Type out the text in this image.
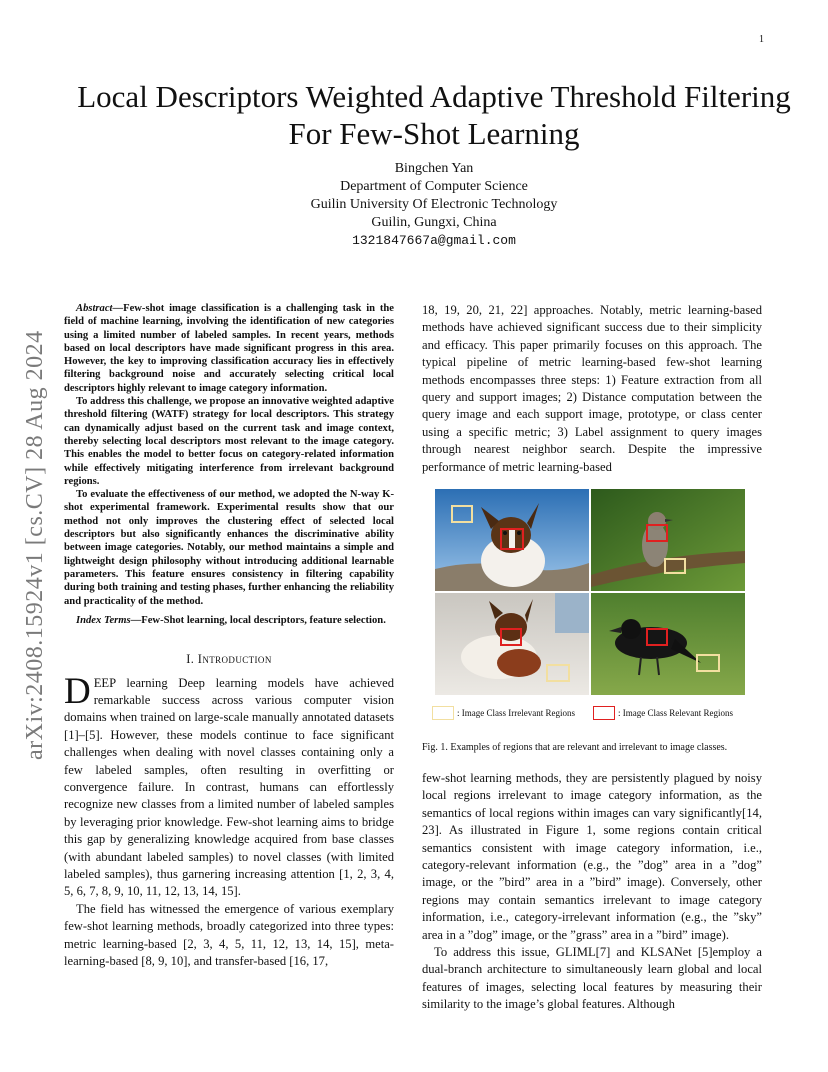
1
arXiv:2408.15924v1 [cs.CV] 28 Aug 2024
Local Descriptors Weighted Adaptive Threshold Filtering For Few-Shot Learning
Bingchen Yan
Department of Computer Science
Guilin University Of Electronic Technology
Guilin, Gungxi, China
1321847667a@gmail.com

Abstract—Few-shot image classification is a challenging task in the field of machine learning, involving the identification of new categories using a limited number of labeled samples. In recent years, methods based on local descriptors have made significant progress in this area. However, the key to improving classification accuracy lies in effectively filtering background noise and accurately selecting critical local descriptors highly relevant to image category information.

To address this challenge, we propose an innovative weighted adaptive threshold filtering (WATF) strategy for local descriptors. This strategy can dynamically adjust based on the current task and image context, thereby selecting local descriptors most relevant to the image category. This enables the model to better focus on category-related information while effectively mitigating interference from irrelevant background regions.

To evaluate the effectiveness of our method, we adopted the N-way K-shot experimental framework. Experimental results show that our method not only improves the clustering effect of selected local descriptors but also significantly enhances the discriminative ability between image categories. Notably, our method maintains a simple and lightweight design philosophy without introducing additional learnable parameters. This feature ensures consistency in filtering capability during both training and testing phases, further enhancing the reliability and practicality of the method.

Index Terms—Few-Shot learning, local descriptors, feature selection.

I. Introduction

DEEP learning Deep learning models have achieved remarkable success across various computer vision domains when trained on large-scale manually annotated datasets [1]–[5]. However, these models continue to face significant challenges when dealing with novel classes containing only a few labeled samples, often resulting in overfitting or convergence failure. In contrast, humans can effortlessly recognize new classes from a limited number of labeled samples by leveraging prior knowledge. Few-shot learning aims to bridge this gap by generalizing knowledge acquired from base classes (with abundant labeled samples) to novel classes (with limited labeled samples), thus garnering increasing attention [1, 2, 3, 4, 5, 6, 7, 8, 9, 10, 11, 12, 13, 14, 15].

The field has witnessed the emergence of various exemplary few-shot learning methods, broadly categorized into three types: metric learning-based [2, 3, 4, 5, 11, 12, 13, 14, 15], meta-learning-based [8, 9, 10], and transfer-based [16, 17,

18, 19, 20, 21, 22] approaches. Notably, metric learning-based methods have achieved significant success due to their simplicity and efficacy. This paper primarily focuses on this approach. The typical pipeline of metric learning-based few-shot learning methods encompasses three steps: 1) Feature extraction from all query and support images; 2) Distance computation between the query image and each support image, prototype, or class center using a specific metric; 3) Label assignment to query images through nearest neighbor search. Despite the impressive performance of metric learning-based

: Image Class Irrelevant Regions	: Image Class Relevant Regions
Fig. 1. Examples of regions that are relevant and irrelevant to image classes.

few-shot learning methods, they are persistently plagued by noisy local regions irrelevant to image category information, as the semantics of local regions within images can vary significantly[14, 23]. As illustrated in Figure 1, some regions contain critical semantics consistent with image category information, i.e., category-relevant information (e.g., the ”dog” area in a ”dog” image, or the ”bird” area in a ”bird” image). Conversely, other regions may contain semantics irrelevant to image category information, i.e., category-irrelevant information (e.g., the ”sky” area in a ”dog” image, or the ”grass” area in a ”bird” image).

To address this issue, GLIML[7] and KLSANet [5]employ a dual-branch architecture to simultaneously learn global and local features of images, selecting local features by measuring their similarity to the image’s global features. Although
